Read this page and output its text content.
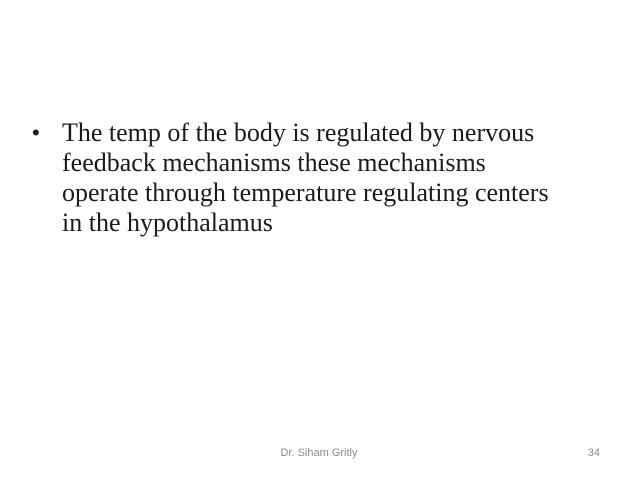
• The temp of the body is regulated by nervous
feedback mechanisms these mechanisms
operate through temperature regulating centers
in the hypothalamus
Dr. Siham Gritly	34
